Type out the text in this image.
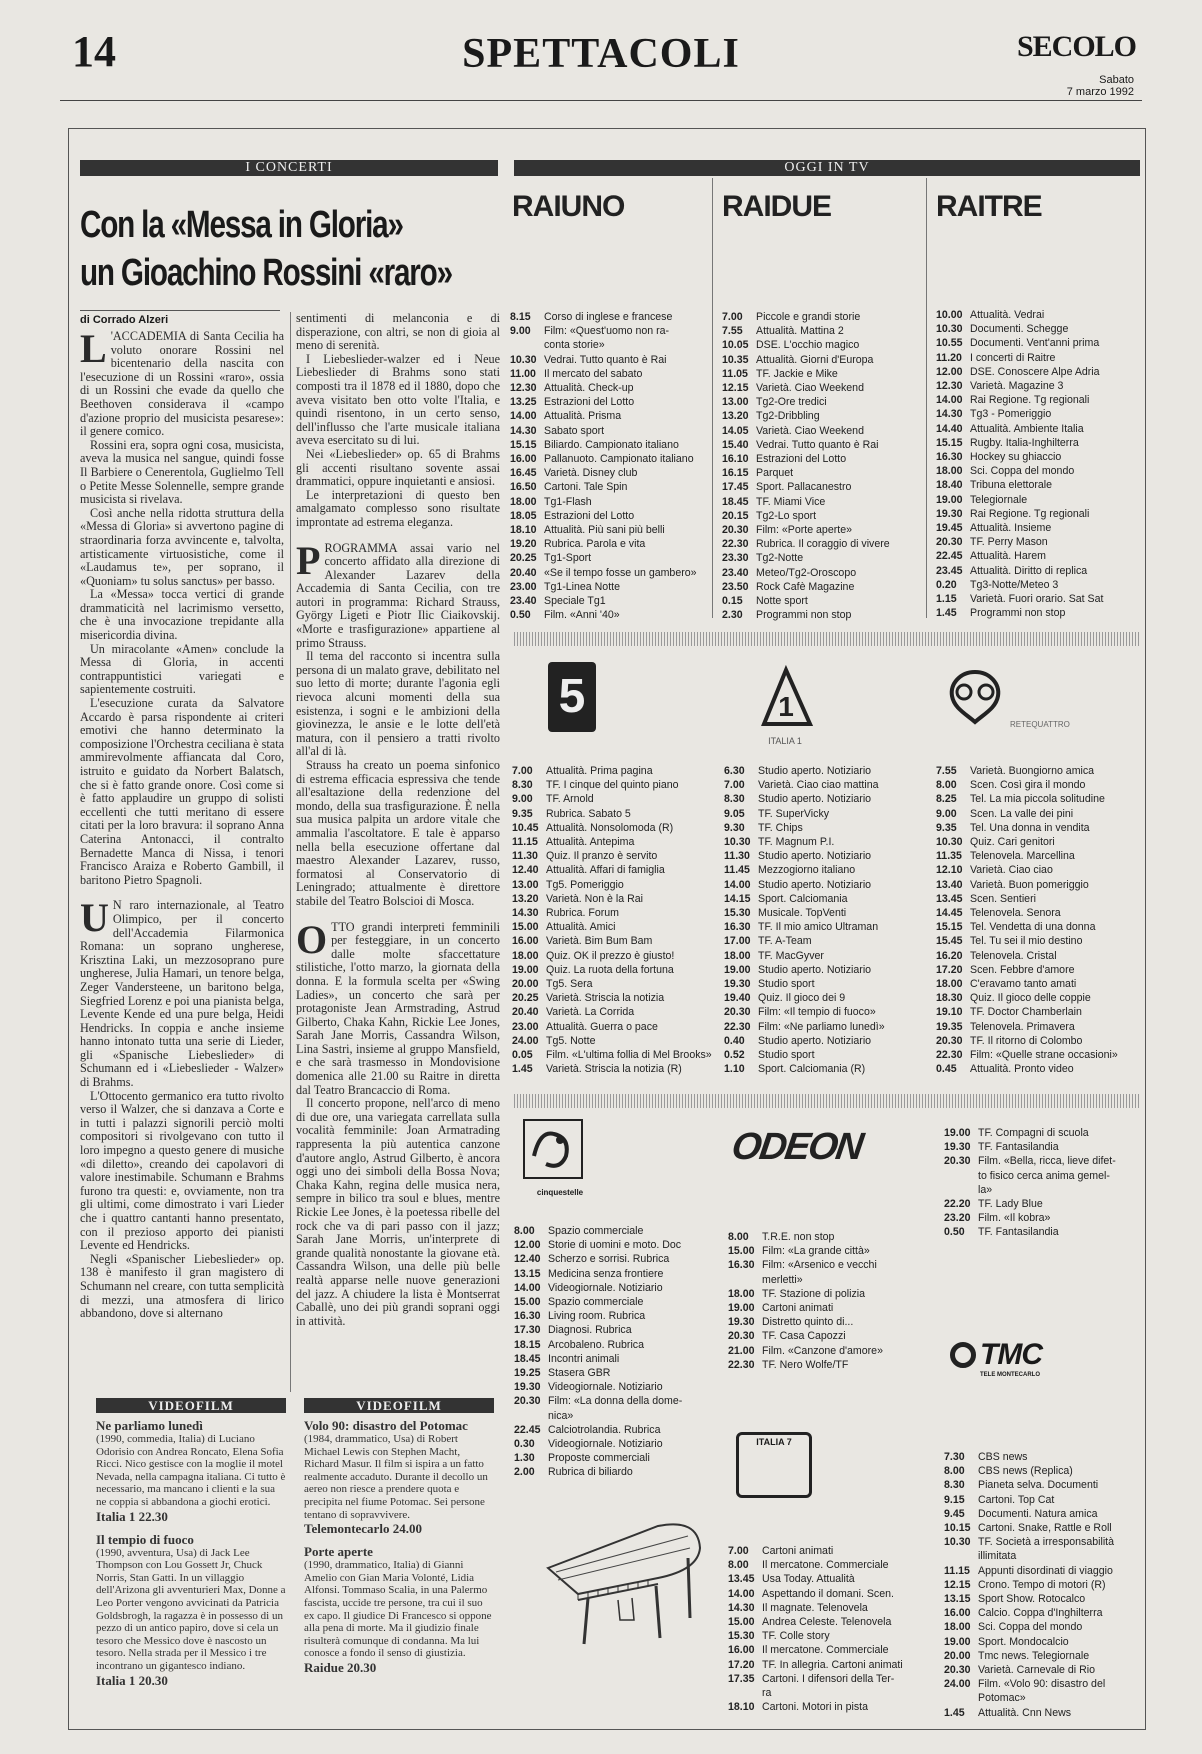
14	SPETTACOLI	SECOLO
Sabato
7 marzo 1992
I CONCERTI
Con la «Messa in Gloria»
un Gioachino Rossini «raro»
di Corrado Alzeri

L 'ACCADEMIA di Santa Cecilia ha voluto onorare Rossini nel bicentenario della nascita con l'esecuzione di un Rossini «raro», ossia di un Rossini che evade da quello che Beethoven considerava il «campo d'azione proprio del musicista pesarese»: il genere comico.

Rossini era, sopra ogni cosa, musicista, aveva la musica nel sangue, quindi fosse Il Barbiere o Cenerentola, Guglielmo Tell o Petite Messe Solennelle, sempre grande musicista si rivelava.

Così anche nella ridotta struttura della «Messa di Gloria» si avvertono pagine di straordinaria forza avvincente e, talvolta, artisticamente virtuosistiche, come il «Laudamus te», per soprano, il «Quoniam» tu solus sanctus» per basso.

La «Messa» tocca vertici di grande drammaticità nel lacrimismo versetto, che è una invocazione trepidante alla misericordia divina.

Un miracolante «Amen» conclude la Messa di Gloria, in accenti contrappuntistici variegati e sapientemente costruiti.

L'esecuzione curata da Salvatore Accardo è parsa rispondente ai criteri emotivi che hanno determinato la composizione l'Orchestra ceciliana è stata ammirevolmente affiancata dal Coro, istruito e guidato da Norbert Balatsch, che si è fatto grande onore. Così come si è fatto applaudire un gruppo di solisti eccellenti che tutti meritano di essere citati per la loro bravura: il soprano Anna Caterina Antonacci, il contralto Bernadette Manca di Nissa, i tenori Francisco Araiza e Roberto Gambill, il baritono Pietro Spagnoli.

U N raro internazionale, al Teatro Olimpico, per il concerto dell'Accademia Filarmonica Romana: un soprano ungherese, Krisztina Laki, un mezzosoprano pure ungherese, Julia Hamari, un tenore belga, Zeger Vandersteene, un baritono belga, Siegfried Lorenz e poi una pianista belga, Levente Kende ed una pure belga, Heidi Hendricks. In coppia e anche insieme hanno intonato tutta una serie di Lieder, gli «Spanische Liebeslieder» di Schumann ed i «Liebeslieder - Walzer» di Brahms.

L'Ottocento germanico era tutto rivolto verso il Walzer, che si danzava a Corte e in tutti i palazzi signorili perciò molti compositori si rivolgevano con tutto il loro impegno a questo genere di musiche «di diletto», creando dei capolavori di valore inestimabile. Schumann e Brahms furono tra questi: e, ovviamente, non tra gli ultimi, come dimostrato i vari Lieder che i quattro cantanti hanno presentato, con il prezioso apporto dei pianisti Levente ed Hendricks.

Negli «Spanischer Liebeslieder» op. 138 è manifesto il gran magistero di Schumann nel creare, con tutta semplicità di mezzi, una atmosfera di lirico abbandono, dove si alternano

sentimenti di melanconia e di disperazione, con altri, se non di gioia al meno di serenità.

I Liebeslieder-walzer ed i Neue Liebeslieder di Brahms sono stati composti tra il 1878 ed il 1880, dopo che aveva visitato ben otto volte l'Italia, e quindi risentono, in un certo senso, dell'influsso che l'arte musicale italiana aveva esercitato su di lui.

Nei «Liebeslieder» op. 65 di Brahms gli accenti risultano sovente assai drammatici, oppure inquietanti e ansiosi.

Le interpretazioni di questo ben amalgamato complesso sono risultate improntate ad estrema eleganza.

PROGRAMMA assai vario nel concerto affidato alla direzione di Alexander Lazarev della Accademia di Santa Cecilia, con tre autori in programma: Richard Strauss, György Ligeti e Piotr Ilic Ciaikovskij. «Morte e trasfigurazione» appartiene al primo Strauss.

Il tema del racconto si incentra sulla persona di un malato grave, debilitato nel suo letto di morte; durante l'agonia egli rievoca alcuni momenti della sua esistenza, i sogni e le ambizioni della giovinezza, le ansie e le lotte dell'età matura, con il pensiero a tratti rivolto all'al di là.

Strauss ha creato un poema sinfonico di estrema efficacia espressiva che tende all'esaltazione della redenzione del mondo, della sua trasfigurazione. È nella sua musica palpita un ardore vitale che ammalia l'ascoltatore. E tale è apparso nella bella esecuzione offertane dal maestro Alexander Lazarev, russo, formatosi al Conservatorio di Leningrado; attualmente è direttore stabile del Teatro Bolscioi di Mosca.

OTTO grandi interpreti femminili per festeggiare, in un concerto dalle molte sfaccettature stilistiche, l'otto marzo, la giornata della donna. E la formula scelta per «Swing Ladies», un concerto che sarà per protagoniste Jean Armstrading, Astrud Gilberto, Chaka Kahn, Rickie Lee Jones, Sarah Jane Morris, Cassandra Wilson, Lina Sastri, insieme al gruppo Mansfield, e che sarà trasmesso in Mondovisione domenica alle 21.00 su Raitre in diretta dal Teatro Brancaccio di Roma.

Il concerto propone, nell'arco di meno di due ore, una variegata carrellata sulla vocalità femminile: Joan Armatrading rappresenta la più autentica canzone d'autore anglo, Astrud Gilberto, è ancora oggi uno dei simboli della Bossa Nova; Chaka Kahn, regina delle musica nera, sempre in bilico tra soul e blues, mentre Rickie Lee Jones, è la poetessa ribelle del rock che va di pari passo con il jazz; Sarah Jane Morris, un'interprete di grande qualità nonostante la giovane età. Cassandra Wilson, una delle più belle realtà apparse nelle nuove generazioni del jazz. A chiudere la lista è Montserrat Caballè, uno dei più grandi soprani oggi in attività.

VIDEOFILM

Ne parliamo lunedì

(1990, commedia, Italia) di Luciano Odorisio con Andrea Roncato, Elena Sofia Ricci. Nico gestisce con la moglie il motel Nevada, nella campagna italiana. Ci tutto è necessario, ma mancano i clienti e la sua ne coppia si abbandona a giochi erotici.

Italia 1 22.30

Il tempio di fuoco

(1990, avventura, Usa) di Jack Lee Thompson con Lou Gossett Jr, Chuck Norris, Stan Gatti. In un villaggio dell'Arizona gli avventurieri Max, Donne a Leo Porter vengono avvicinati da Patricia Goldsbrogh, la ragazza è in possesso di un pezzo di un antico papiro, dove si cela un tesoro che Messico dove è nascosto un tesoro. Nella strada per il Messico i tre incontrano un gigantesco indiano.

Italia 1 20.30

VIDEOFILM

Volo 90: disastro del Potomac

(1984, drammatico, Usa) di Robert Michael Lewis con Stephen Macht, Richard Masur. Il film si ispira a un fatto realmente accaduto. Durante il decollo un aereo non riesce a prendere quota e precipita nel fiume Potomac. Sei persone tentano di sopravvivere.

Telemontecarlo 24.00

Porte aperte

(1990, drammatico, Italia) di Gianni Amelio con Gian Maria Volonté, Lidia Alfonsi. Tommaso Scalia, in una Palermo fascista, uccide tre persone, tra cui il suo ex capo. Il giudice Di Francesco si oppone alla pena di morte. Ma il giudizio finale risulterà comunque di condanna. Ma lui conosce a fondo il senso di giustizia.

Raidue 20.30

OGGI IN TV
RAIUNO
8.15 Corso di inglese e francese
9.00 Film: «Quest'uomo non ra-
conta storie»
10.30 Vedrai. Tutto quanto è Rai
11.00 Il mercato del sabato
12.30 Attualità. Check-up
13.25 Estrazioni del Lotto
14.00 Attualità. Prisma
14.30 Sabato sport
15.15 Biliardo. Campionato italiano
16.00 Pallanuoto. Campionato italiano
16.45 Varietà. Disney club
16.50 Cartoni. Tale Spin
18.00 Tg1-Flash
18.05 Estrazioni del Lotto
18.10 Attualità. Più sani più belli
19.20 Rubrica. Parola e vita
20.25 Tg1-Sport
20.40 «Se il tempo fosse un gambero»
23.00 Tg1-Linea Notte
23.40 Speciale Tg1
0.50 Film. «Anni '40»
RAIDUE
7.00 Piccole e grandi storie
7.55 Attualità. Mattina 2
10.05 DSE. L'occhio magico
10.35 Attualità. Giorni d'Europa
11.05 TF. Jackie e Mike
12.15 Varietà. Ciao Weekend
13.00 Tg2-Ore tredici
13.20 Tg2-Dribbling
14.05 Varietà. Ciao Weekend
15.40 Vedrai. Tutto quanto è Rai
16.10 Estrazioni del Lotto
16.15 Parquet
17.45 Sport. Pallacanestro
18.45 TF. Miami Vice
20.15 Tg2-Lo sport
20.30 Film: «Porte aperte»
22.30 Rubrica. Il coraggio di vivere
23.30 Tg2-Notte
23.40 Meteo/Tg2-Oroscopo
23.50 Rock Cafè Magazine
0.15 Notte sport
2.30 Programmi non stop
RAITRE
10.00 Attualità. Vedrai
10.30 Documenti. Schegge
10.55 Documenti. Vent'anni prima
11.20 I concerti di Raitre
12.00 DSE. Conoscere Alpe Adria
12.30 Varietà. Magazine 3
14.00 Rai Regione. Tg regionali
14.30 Tg3 - Pomeriggio
14.40 Attualità. Ambiente Italia
15.15 Rugby. Italia-Inghilterra
16.30 Hockey su ghiaccio
18.00 Sci. Coppa del mondo
18.40 Tribuna elettorale
19.00 Telegiornale
19.30 Rai Regione. Tg regionali
19.45 Attualità. Insieme
20.30 TF. Perry Mason
22.45 Attualità. Harem
23.45 Attualità. Diritto di replica
0.20 Tg3-Notte/Meteo 3
1.15 Varietà. Fuori orario. Sat Sat
1.45 Programmi non stop
5
7.00 Attualità. Prima pagina
8.30 TF. I cinque del quinto piano
9.00 TF. Arnold
9.35 Rubrica. Sabato 5
10.45 Attualità. Nonsolomoda (R)
11.15 Attualità. Antepima
11.30 Quiz. Il pranzo è servito
12.40 Attualità. Affari di famiglia
13.00 Tg5. Pomeriggio
13.20 Varietà. Non è la Rai
14.30 Rubrica. Forum
15.00 Attualità. Amici
16.00 Varietà. Bim Bum Bam
18.00 Quiz. OK il prezzo è giusto!
19.00 Quiz. La ruota della fortuna
20.00 Tg5. Sera
20.25 Varietà. Striscia la notizia
20.40 Varietà. La Corrida
23.00 Attualità. Guerra o pace
24.00 Tg5. Notte
0.05 Film. «L'ultima follia di Mel Brooks»
1.45 Varietà. Striscia la notizia (R)
1
ITALIA 1
6.30 Studio aperto. Notiziario
7.00 Varietà. Ciao ciao mattina
8.30 Studio aperto. Notiziario
9.05 TF. SuperVicky
9.30 TF. Chips
10.30 TF. Magnum P.I.
11.30 Studio aperto. Notiziario
11.45 Mezzogiorno italiano
14.00 Studio aperto. Notiziario
14.15 Sport. Calciomania
15.30 Musicale. TopVenti
16.30 TF. Il mio amico Ultraman
17.00 TF. A-Team
18.00 TF. MacGyver
19.00 Studio aperto. Notiziario
19.30 Studio sport
19.40 Quiz. Il gioco dei 9
20.30 Film: «Il tempio di fuoco»
22.30 Film: «Ne parliamo lunedì»
0.40 Studio aperto. Notiziario
0.52 Studio sport
1.10 Sport. Calciomania (R)
RETEQUATTRO
7.55 Varietà. Buongiorno amica
8.00 Scen. Così gira il mondo
8.25 Tel. La mia piccola solitudine
9.00 Scen. La valle dei pini
9.35 Tel. Una donna in vendita
10.30 Quiz. Cari genitori
11.35 Telenovela. Marcellina
12.10 Varietà. Ciao ciao
13.40 Varietà. Buon pomeriggio
13.45 Scen. Sentieri
14.45 Telenovela. Senora
15.15 Tel. Vendetta di una donna
15.45 Tel. Tu sei il mio destino
16.20 Telenovela. Cristal
17.20 Scen. Febbre d'amore
18.00 C'eravamo tanto amati
18.30 Quiz. Il gioco delle coppie
19.10 TF. Doctor Chamberlain
19.35 Telenovela. Primavera
20.30 TF. Il ritorno di Colombo
22.30 Film: «Quelle strane occasioni»
0.45 Attualità. Pronto video
cinquestelle
8.00 Spazio commerciale
12.00 Storie di uomini e moto. Doc
12.40 Scherzo e sorrisi. Rubrica
13.15 Medicina senza frontiere
14.00 Videogiornale. Notiziario
15.00 Spazio commerciale
16.30 Living room. Rubrica
17.30 Diagnosi. Rubrica
18.15 Arcobaleno. Rubrica
18.45 Incontri animali
19.25 Stasera GBR
19.30 Videogiornale. Notiziario
20.30 Film: «La donna della dome-
nica»
22.45 Calciotrolandia. Rubrica
0.30 Videogiornale. Notiziario
1.30 Proposte commerciali
2.00 Rubrica di biliardo
ODEON
8.00 T.R.E. non stop
15.00 Film: «La grande città»
16.30 Film: «Arsenico e vecchi
merletti»
18.00 TF. Stazione di polizia
19.00 Cartoni animati
19.30 Distretto quinto di...
20.30 TF. Casa Capozzi
21.00 Film. «Canzone d'amore»
22.30 TF. Nero Wolfe/TF
19.00 TF. Compagni di scuola
19.30 TF. Fantasilandia
20.30 Film. «Bella, ricca, lieve difet-
to fisico cerca anima gemel-
la»
22.20 TF. Lady Blue
23.20 Film. «Il kobra»
0.50 TF. Fantasilandia
ITALIA 7
7.00 Cartoni animati
8.00 Il mercatone. Commerciale
13.45 Usa Today. Attualità
14.00 Aspettando il domani. Scen.
14.30 Il magnate. Telenovela
15.00 Andrea Celeste. Telenovela
15.30 TF. Colle story
16.00 Il mercatone. Commerciale
17.20 TF. In allegria. Cartoni animati
17.35 Cartoni. I difensori della Ter-
ra
18.10 Cartoni. Motori in pista
TMC
TELE MONTECARLO
7.30 CBS news
8.00 CBS news (Replica)
8.30 Pianeta selva. Documenti
9.15 Cartoni. Top Cat
9.45 Documenti. Natura amica
10.15 Cartoni. Snake, Rattle e Roll
10.30 TF. Società a irresponsabilità
illimitata
11.15 Appunti disordinati di viaggio
12.15 Crono. Tempo di motori (R)
13.15 Sport Show. Rotocalco
16.00 Calcio. Coppa d'Inghilterra
18.00 Sci. Coppa del mondo
19.00 Sport. Mondocalcio
20.00 Tmc news. Telegiornale
20.30 Varietà. Carnevale di Rio
24.00 Film. «Volo 90: disastro del
Potomac»
1.45 Attualità. Cnn News
